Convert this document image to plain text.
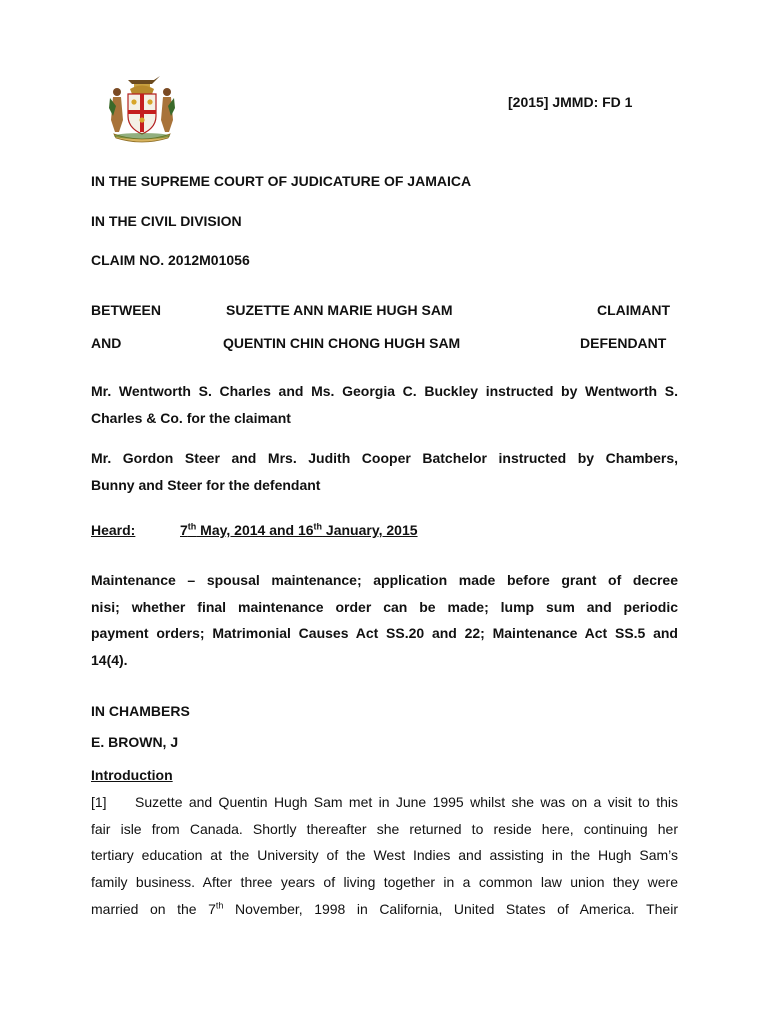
[2015] JMMD: FD 1
IN THE SUPREME COURT OF JUDICATURE OF JAMAICA
IN THE CIVIL DIVISION
CLAIM NO. 2012M01056
BETWEEN	SUZETTE ANN MARIE HUGH SAM	CLAIMANT
AND	QUENTIN CHIN CHONG HUGH SAM	DEFENDANT
Mr. Wentworth S. Charles and Ms. Georgia C. Buckley instructed by Wentworth S.
Charles & Co. for the claimant
Mr. Gordon Steer and Mrs. Judith Cooper Batchelor instructed by Chambers,
Bunny and Steer for the defendant
Heard:	7th May, 2014 and 16th January, 2015
Maintenance – spousal maintenance; application made before grant of decree
nisi; whether final maintenance order can be made; lump sum and periodic
payment orders; Matrimonial Causes Act SS.20 and 22; Maintenance Act SS.5 and
14(4).
IN CHAMBERS
E. BROWN, J
Introduction
[1] Suzette and Quentin Hugh Sam met in June 1995 whilst she was on a visit to this
fair isle from Canada. Shortly thereafter she returned to reside here, continuing her
tertiary education at the University of the West Indies and assisting in the Hugh Sam’s
family business. After three years of living together in a common law union they were
married on the 7th November, 1998 in California, United States of America. Their
